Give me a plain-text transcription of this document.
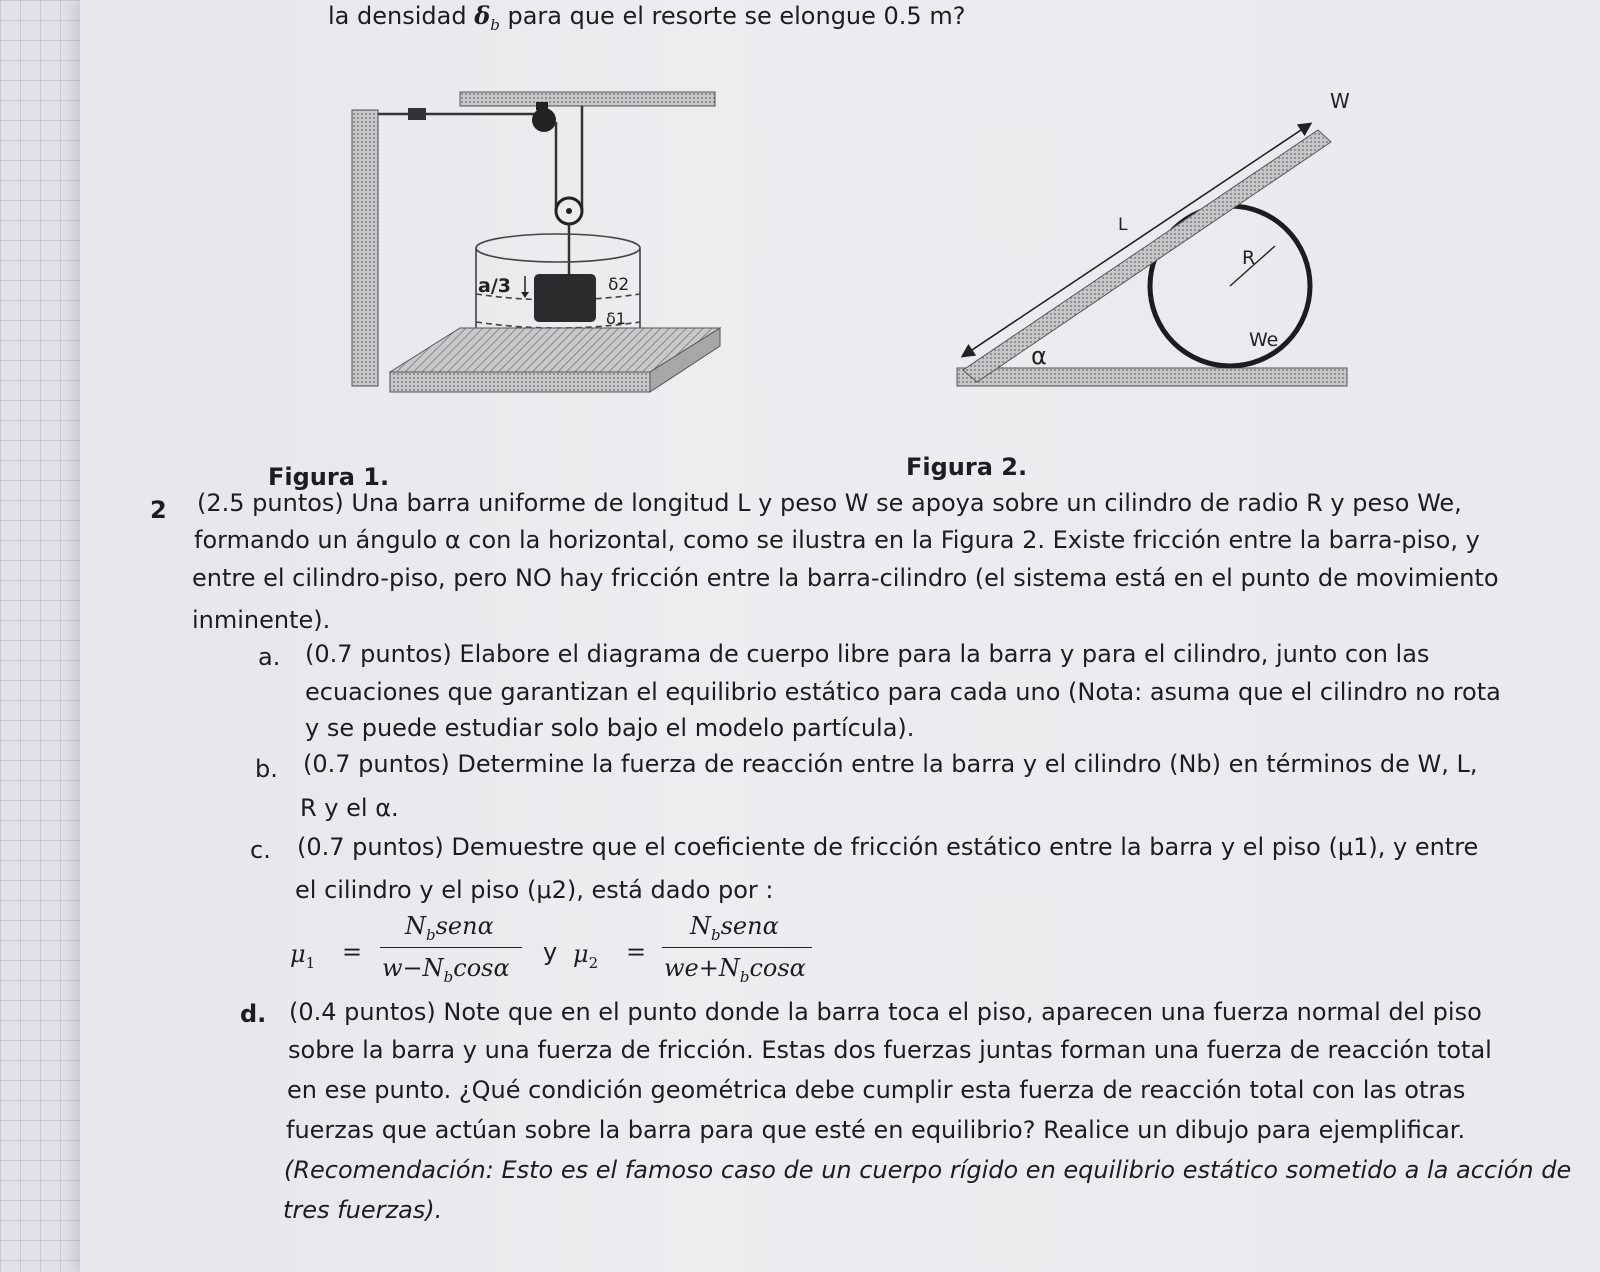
la densidad $\delta_b$ para que el resorte se elongue 0.5 m?
a/3	δ2
δ1
R
We
L
W
α
Figura 1.	Figura 2.
2 (2.5 puntos) Una barra uniforme de longitud L y peso W se apoya sobre un cilindro de radio R y peso We,
formando un ángulo α con la horizontal, como se ilustra en la Figura 2. Existe fricción entre la barra-piso, y
entre el cilindro-piso, pero NO hay fricción entre la barra-cilindro (el sistema está en el punto de movimiento
inminente).
a. (0.7 puntos) Elabore el diagrama de cuerpo libre para la barra y para el cilindro, junto con las
ecuaciones que garantizan el equilibrio estático para cada uno (Nota: asuma que el cilindro no rota
y se puede estudiar solo bajo el modelo partícula).
b. (0.7 puntos) Determine la fuerza de reacción entre la barra y el cilindro (Nb) en términos de W, L,
R y el α.
c. (0.7 puntos) Demuestre que el coeficiente de fricción estático entre la barra y el piso (μ1), y entre
el cilindro y el piso (μ2), está dado por :
$\mu_1$ =
$N_bsen\alpha$
$w-N_b\cos\alpha$
y $\mu_2$ =
$N_bsen\alpha$
$we+N_b\cos\alpha$
d. (0.4 puntos) Note que en el punto donde la barra toca el piso, aparecen una fuerza normal del piso
sobre la barra y una fuerza de fricción. Estas dos fuerzas juntas forman una fuerza de reacción total
en ese punto. ¿Qué condición geométrica debe cumplir esta fuerza de reacción total con las otras
fuerzas que actúan sobre la barra para que esté en equilibrio? Realice un dibujo para ejemplificar.
(Recomendación: Esto es el famoso caso de un cuerpo rígido en equilibrio estático sometido a la acción de
tres fuerzas).
